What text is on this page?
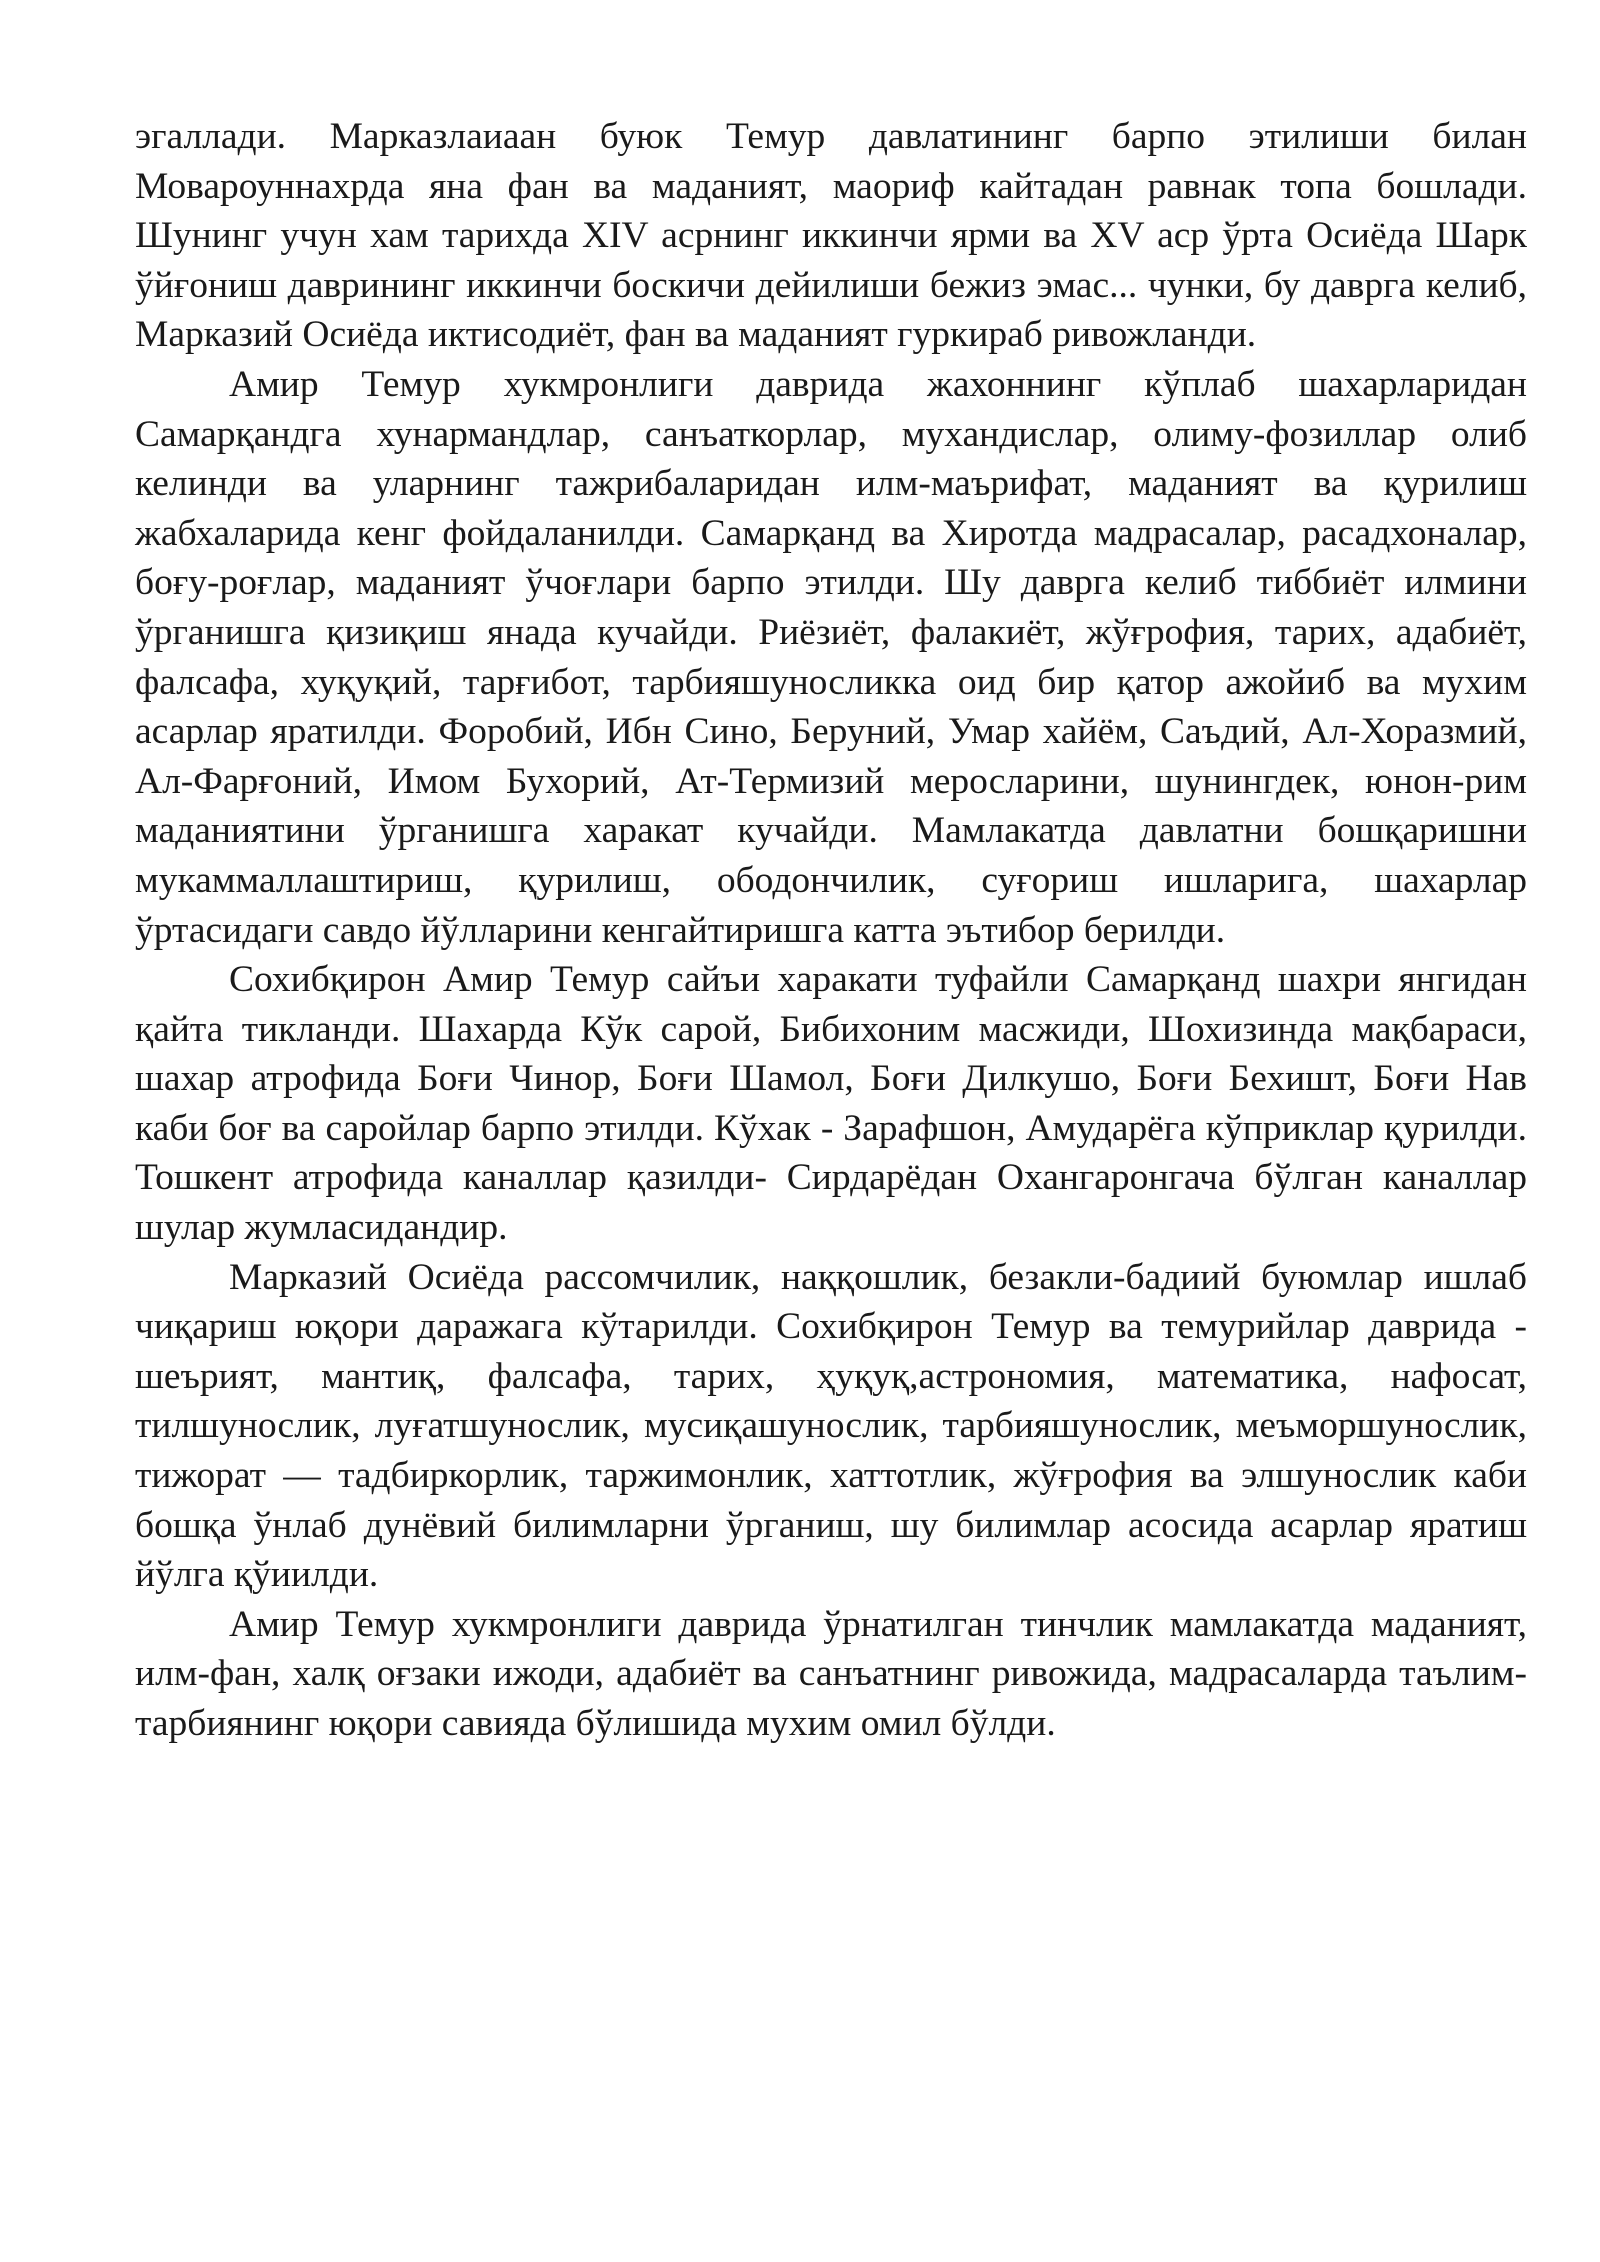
эгаллади. Марказлаиаан буюк Темур давлатининг барпо этилиши билан Мовароуннахрда яна фан ва маданият, маориф кайтадан равнак топа бошлади. Шунинг учун хам тарихда XIV асрнинг иккинчи ярми ва XV аср ўрта Осиёда Шарк ўйғониш даврининг иккинчи боскичи дейилиши бежиз эмас... чунки, бу даврга келиб, Марказий Осиёда иктисодиёт, фан ва маданият гуркираб ривожланди.

Амир Темур хукмронлиги даврида жахоннинг кўплаб шахарларидан Самарқандга хунармандлар, санъаткорлар, мухандислар, олиму-фозиллар олиб келинди ва уларнинг тажрибаларидан илм-маърифат, маданият ва қурилиш жабхаларида кенг фойдаланилди. Самарқанд ва Хиротда мадрасалар, расадхоналар, боғу-роғлар, маданият ўчоғлари барпо этилди. Шу даврга келиб тиббиёт илмини ўрганишга қизиқиш янада кучайди. Риёзиёт, фалакиёт, жўғрофия, тарих, адабиёт, фалсафа, хуқуқий, тарғибот, тарбияшуносликка оид бир қатор ажойиб ва мухим асарлар яратилди. Форобий, Ибн Сино, Беруний, Умар хайём, Саъдий, Ал-Хоразмий, Ал-Фарғоний, Имом Бухорий, Ат-Термизий меросларини, шунингдек, юнон-рим маданиятини ўрганишга харакат кучайди. Мамлакатда давлатни бошқаришни мукаммаллаштириш, қурилиш, ободончилик, суғориш ишларига, шахарлар ўртасидаги савдо йўлларини кенгайтиришга катта эътибор берилди.

Сохибқирон Амир Темур сайъи харакати туфайли Самарқанд шахри янгидан қайта тикланди. Шахарда Кўк сарой, Бибихоним масжиди, Шохизинда мақбараси, шахар атрофида Боғи Чинор, Боғи Шамол, Боғи Дилкушо, Боғи Бехишт, Боғи Нав каби боғ ва саройлар барпо этилди. Кўхак - Зарафшон, Амударёга кўприклар қурилди. Тошкент атрофида каналлар қазилди- Сирдарёдан Охангаронгача бўлган каналлар шулар жумласидандир.

Марказий Осиёда рассомчилик, наққошлик, безакли-бадиий буюмлар ишлаб чиқариш юқори даражага кўтарилди. Сохибқирон Темур ва темурийлар даврида - шеърият, мантиқ, фалсафа, тарих, ҳуқуқ,астрономия, математика, нафосат, тилшунослик, луғатшунослик, мусиқашунослик, тарбияшунослик, меъморшунослик, тижорат — тадбиркорлик, таржимонлик, хаттотлик, жўғрофия ва элшунослик каби бошқа ўнлаб дунёвий билимларни ўрганиш, шу билимлар асосида асарлар яратиш йўлга қўиилди.

Амир Темур хукмронлиги даврида ўрнатилган тинчлик мамлакатда маданият, илм-фан, халқ оғзаки ижоди, адабиёт ва санъатнинг ривожида, мадрасаларда таълим-тарбиянинг юқори савияда бўлишида мухим омил бўлди.
